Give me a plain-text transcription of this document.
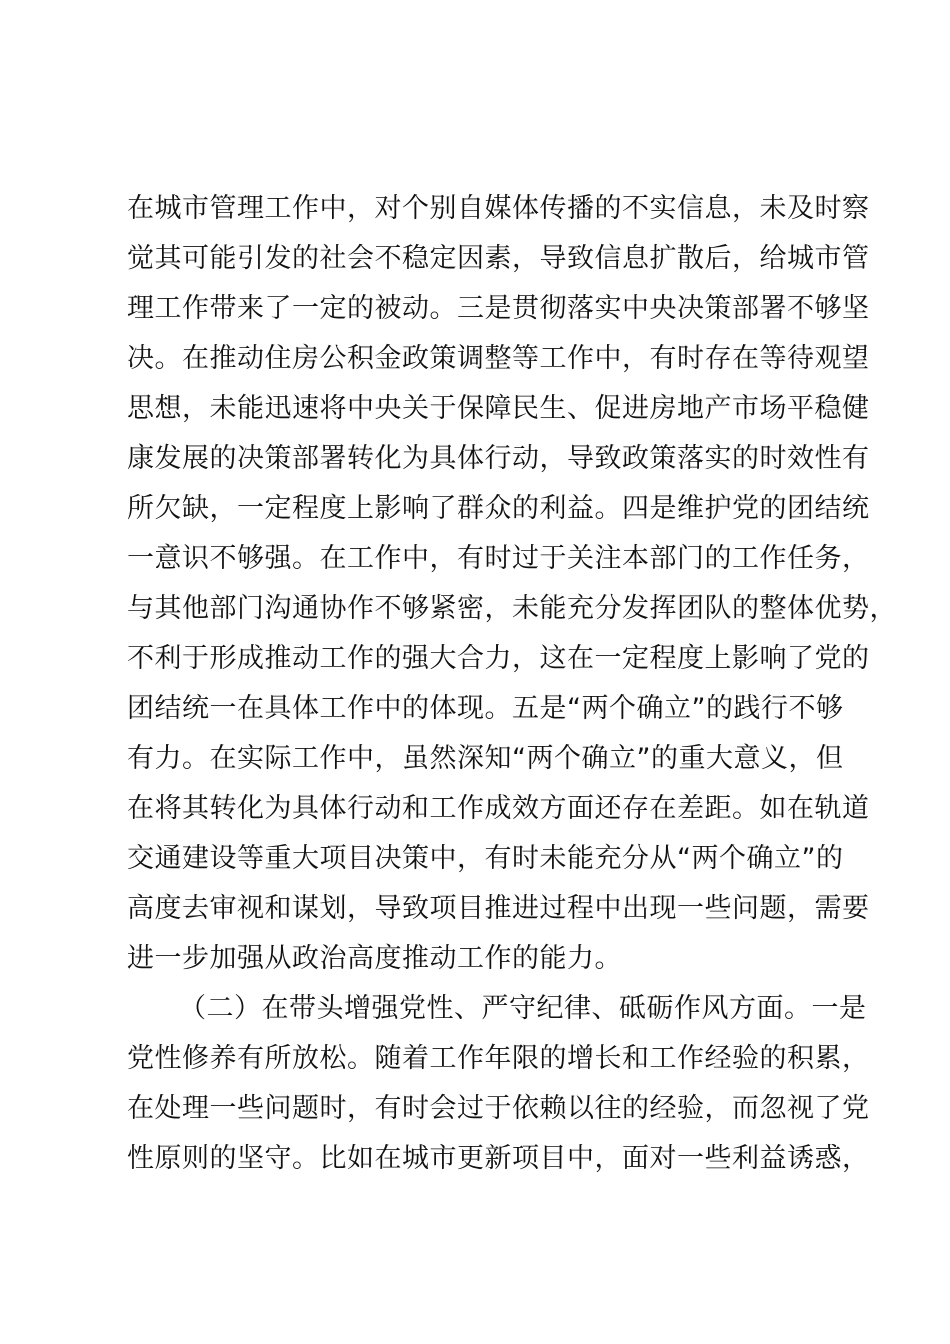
在城市管理工作中，对个别自媒体传播的不实信息，未及时察
觉其可能引发的社会不稳定因素，导致信息扩散后，给城市管
理工作带来了一定的被动。三是贯彻落实中央决策部署不够坚
决。在推动住房公积金政策调整等工作中，有时存在等待观望
思想，未能迅速将中央关于保障民生、促进房地产市场平稳健
康发展的决策部署转化为具体行动，导致政策落实的时效性有
所欠缺，一定程度上影响了群众的利益。四是维护党的团结统
一意识不够强。在工作中，有时过于关注本部门的工作任务，
与其他部门沟通协作不够紧密，未能充分发挥团队的整体优势，
不利于形成推动工作的强大合力，这在一定程度上影响了党的
团结统一在具体工作中的体现。五是“两个确立”的践行不够
有力。在实际工作中，虽然深知“两个确立”的重大意义，但
在将其转化为具体行动和工作成效方面还存在差距。如在轨道
交通建设等重大项目决策中，有时未能充分从“两个确立”的
高度去审视和谋划，导致项目推进过程中出现一些问题，需要
进一步加强从政治高度推动工作的能力。
（二）在带头增强党性、严守纪律、砥砺作风方面。一是
党性修养有所放松。随着工作年限的增长和工作经验的积累，
在处理一些问题时，有时会过于依赖以往的经验，而忽视了党
性原则的坚守。比如在城市更新项目中，面对一些利益诱惑，
